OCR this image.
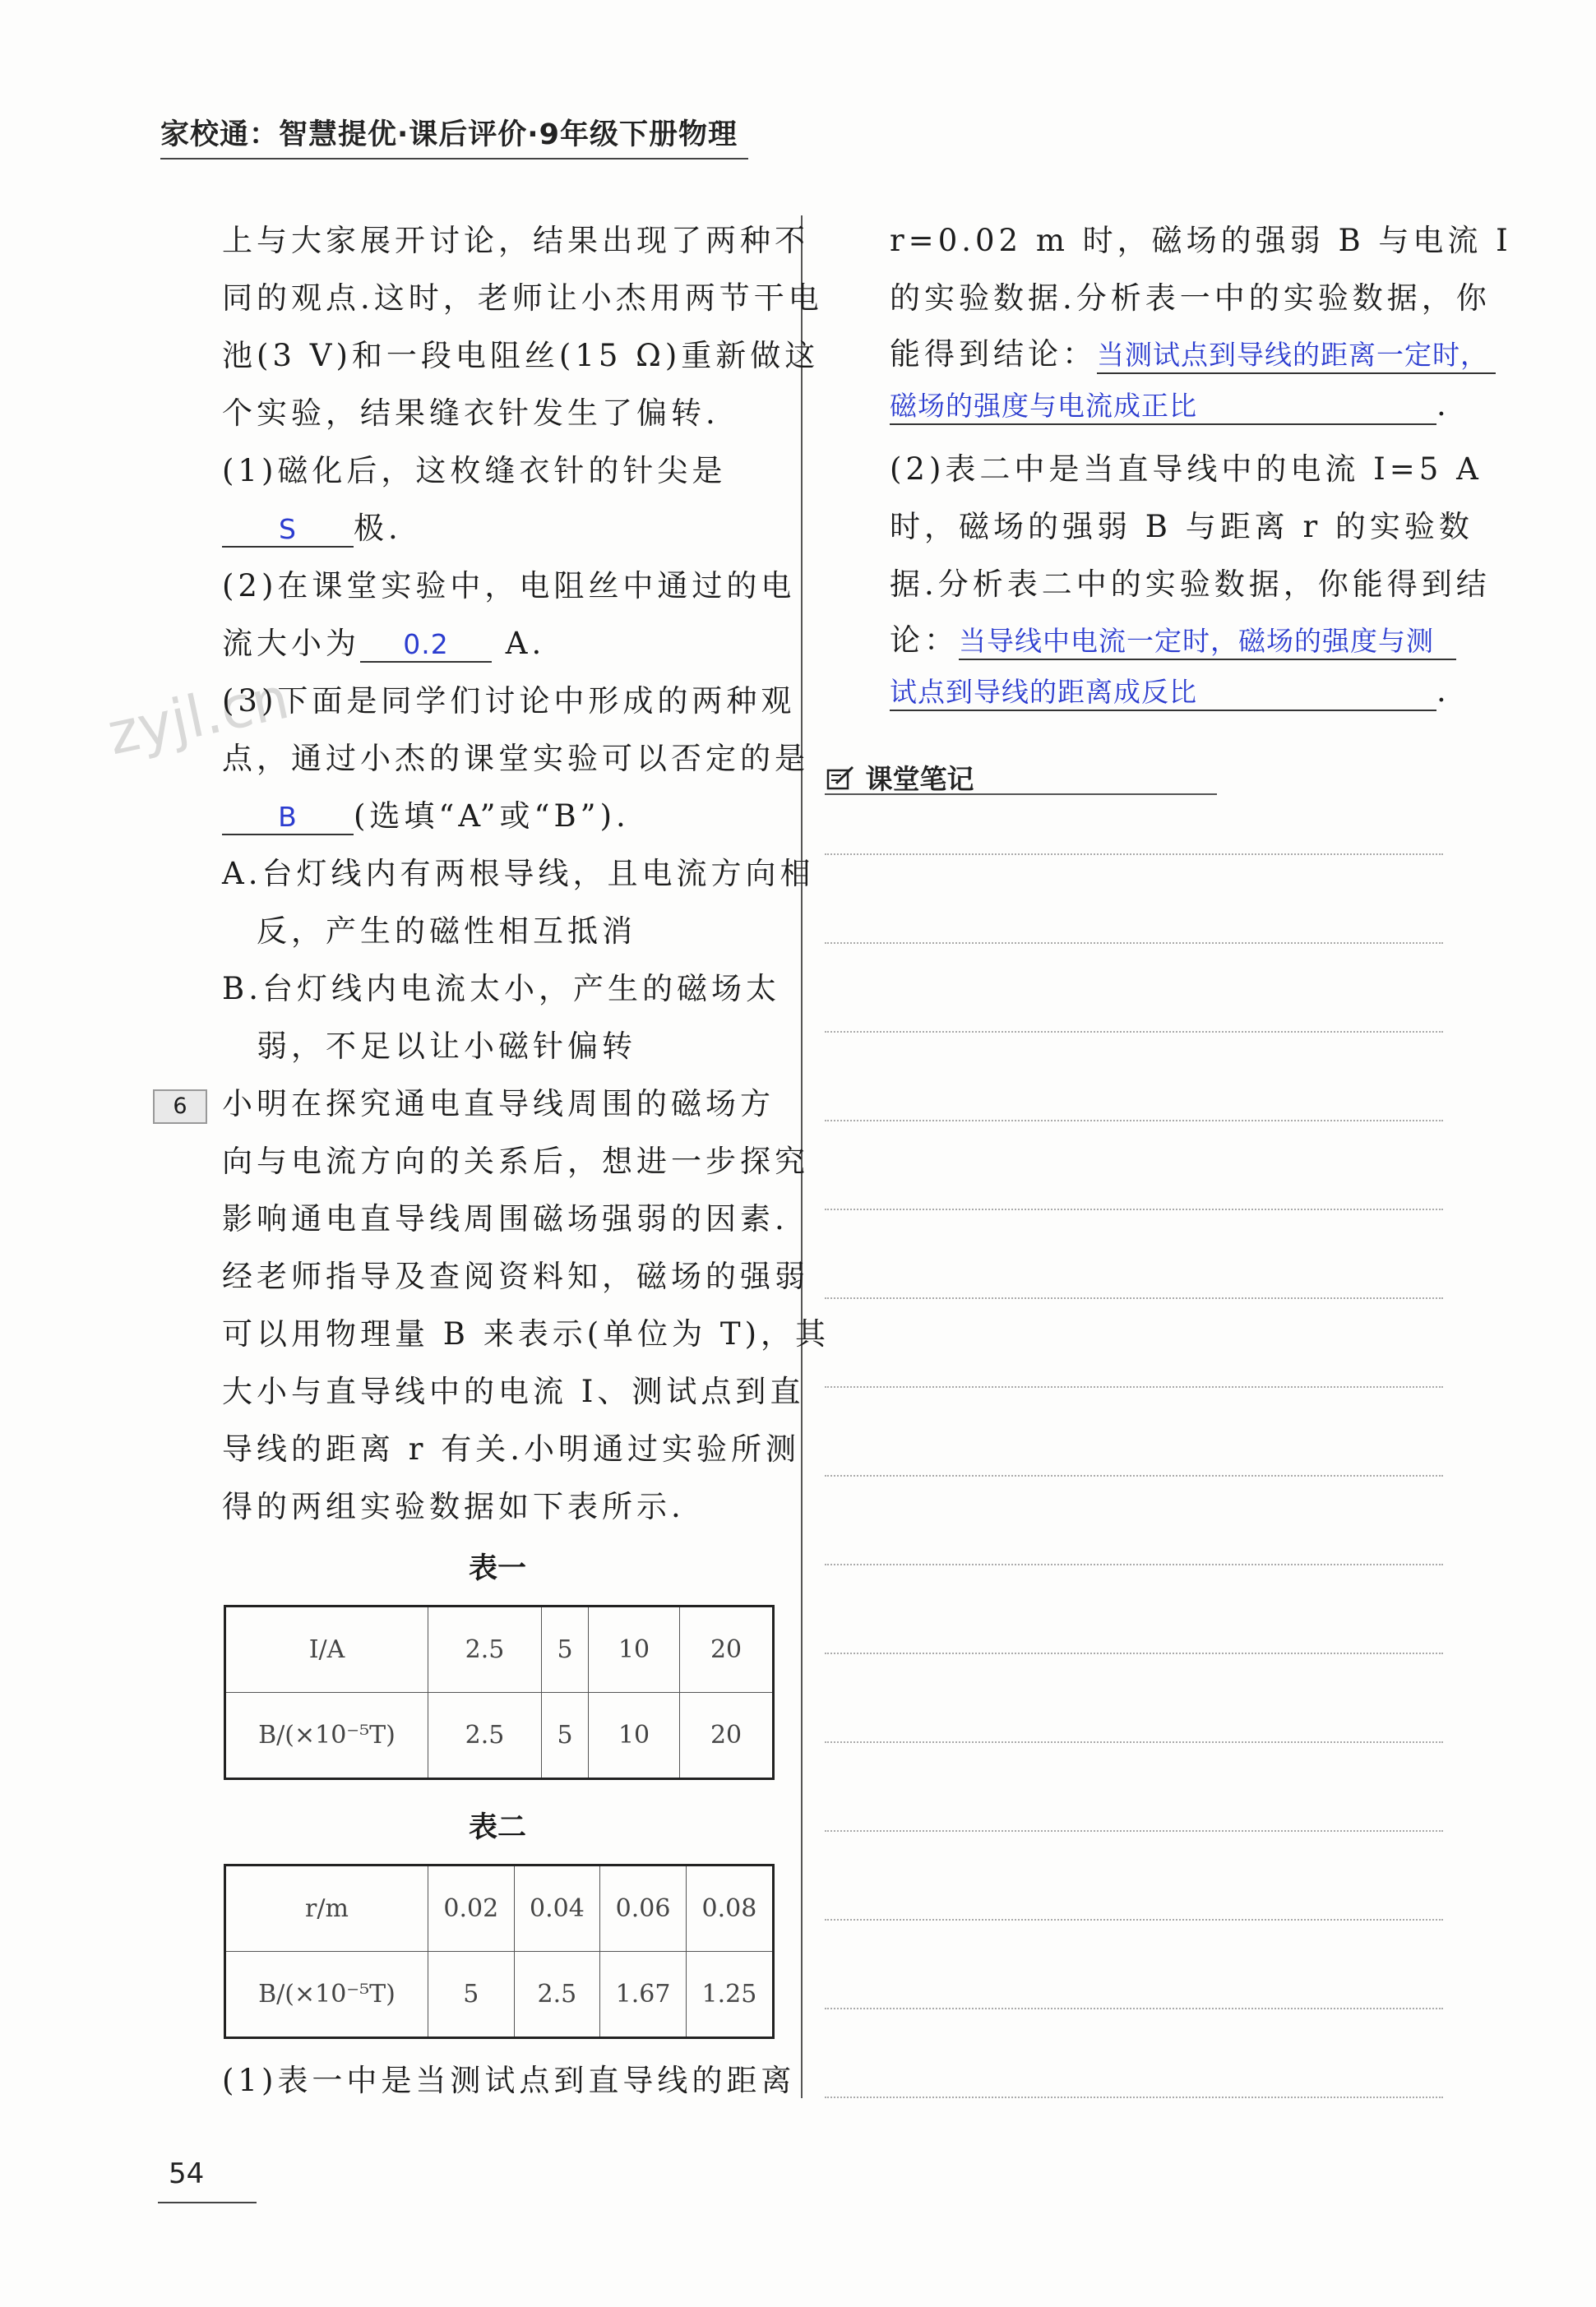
家校通：智慧提优·课后评价·9年级下册物理
zyjl.cn
上与大家展开讨论，结果出现了两种不
同的观点.这时，老师让小杰用两节干电
池(3 V)和一段电阻丝(15 Ω)重新做这
个实验，结果缝衣针发生了偏转.
(1)磁化后，这枚缝衣针的针尖是
S 极.
(2)在课堂实验中，电阻丝中通过的电
流大小为 0.2 A.
(3)下面是同学们讨论中形成的两种观
点，通过小杰的课堂实验可以否定的是
B (选填“A”或“B”).
A.台灯线内有两根导线，且电流方向相
反，产生的磁性相互抵消
B.台灯线内电流太小，产生的磁场太
弱，不足以让小磁针偏转
小明在探究通电直导线周围的磁场方
向与电流方向的关系后，想进一步探究
影响通电直导线周围磁场强弱的因素.
经老师指导及查阅资料知，磁场的强弱
可以用物理量 B 来表示(单位为 T)，其
大小与直导线中的电流 I、测试点到直
导线的距离 r 有关.小明通过实验所测
得的两组实验数据如下表所示.
(1)表一中是当测试点到直导线的距离
6
表一
I/A	2.5	5	10	20
B/(×10⁻⁵T)	2.5	5	10	20
表二
r/m	0.02	0.04	0.06	0.08
B/(×10⁻⁵T)	5	2.5	1.67	1.25
r=0.02 m 时，磁场的强弱 B 与电流 I
的实验数据.分析表一中的实验数据，你
能得到结论：当测试点到导线的距离一定时，
磁场的强度与电流成正比	.
(2)表二中是当直导线中的电流 I=5 A
时，磁场的强弱 B 与距离 r 的实验数
据.分析表二中的实验数据，你能得到结
论：当导线中电流一定时，磁场的强度与测
试点到导线的距离成反比	.
课堂笔记
54
